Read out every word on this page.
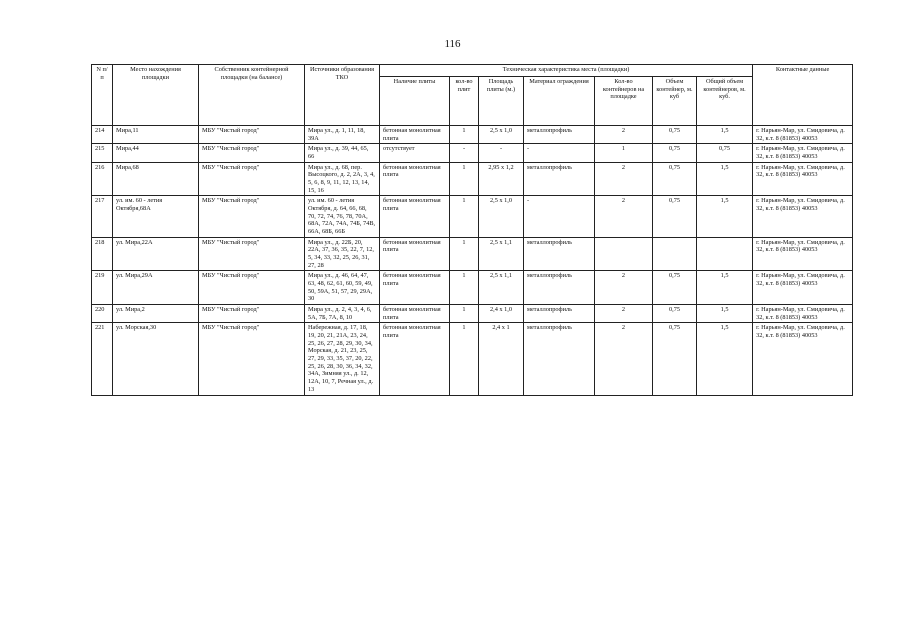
116
N п/п	Место нахождения площадки	Собственник контейнерной площадки (на балансе)	Источники образования ТКО	Техническая характеристика места (площадки)							Контактные данные
				Наличие плиты	кол-во плит	Площадь плиты (м.)	Материал ограждения	Кол-во контейнеров на площадке	Объем контейнер, м. куб	Общий объем контейнеров, м. куб.	
214	Мира,11	МБУ "Чистый город"	Мира ул., д. 1, 11, 18, 39А	бетонная монолитная плита	1	2,5 х 1,0	металлопрофиль	2	0,75	1,5	г. Нарьян-Мар, ул. Смидовича, д. 32, к.т. 8 (81853) 40053
215	Мира,44	МБУ "Чистый город"	Мира ул., д. 39, 44, 65, 66	отсутствует	-	-	-	1	0,75	0,75	г. Нарьян-Мар, ул. Смидовича, д. 32, к.т. 8 (81853) 40053
216	Мира,68	МБУ "Чистый город"	Мира ул., д. 68, пер. Высоцкого, д. 2, 2А, 3, 4, 5, 6, 8, 9, 11, 12, 13, 14, 15, 16	бетонная монолитная плита	1	2,95 х 1,2	металлопрофиль	2	0,75	1,5	г. Нарьян-Мар, ул. Смидовича, д. 32, к.т. 8 (81853) 40053
217	ул. им. 60 - летия Октября,68А	МБУ "Чистый город"	ул. им. 60 - летия Октября, д. 64, 66, 68, 70, 72, 74, 76, 78, 70А, 68А, 72А, 74А, 74Б, 74В, 66А, 68Б, 66Б	бетонная монолитная плита	1	2,5 х 1,0	-	2	0,75	1,5	г. Нарьян-Мар, ул. Смидовича, д. 32, к.т. 8 (81853) 40053
218	ул. Мира,22А	МБУ "Чистый город"	Мира ул., д. 22Б, 20, 22А, 37, 36, 35, 22, 7, 12, 5, 34, 33, 32, 25, 26, 31, 27, 28	бетонная монолитная плита	1	2,5 х 1,1	металлопрофиль				г. Нарьян-Мар, ул. Смидовича, д. 32, к.т. 8 (81853) 40053
219	ул. Мира,29А	МБУ "Чистый город"	Мира ул., д. 46, 64, 47, 63, 48, 62, 61, 60, 59, 49, 50, 59А, 51, 57, 29, 29А, 30	бетонная монолитная плита	1	2,5 х 1,1	металлопрофиль	2	0,75	1,5	г. Нарьян-Мар, ул. Смидовича, д. 32, к.т. 8 (81853) 40053
220	ул. Мира,2	МБУ "Чистый город"	Мира ул., д. 2, 4, 3, 4, 6, 5А, 7Б, 7А, 8, 10	бетонная монолитная плита	1	2,4 х 1,0	металлопрофиль	2	0,75	1,5	г. Нарьян-Мар, ул. Смидовича, д. 32, к.т. 8 (81853) 40053
221	ул. Морская,30	МБУ "Чистый город"	Набережная, д. 17, 18, 19, 20, 21, 21А, 23, 24, 25, 26, 27, 28, 29, 30, 34, Морская, д. 21, 23, 25, 27, 29, 33, 35, 37, 20, 22, 25, 26, 28, 30, 36, 34, 32, 34А, Зимняя ул., д. 12, 12А, 10, 7, Речная ул., д. 13	бетонная монолитная плита	1	2,4 х 1	металлопрофиль	2	0,75	1,5	г. Нарьян-Мар, ул. Смидовича, д. 32, к.т. 8 (81853) 40053
